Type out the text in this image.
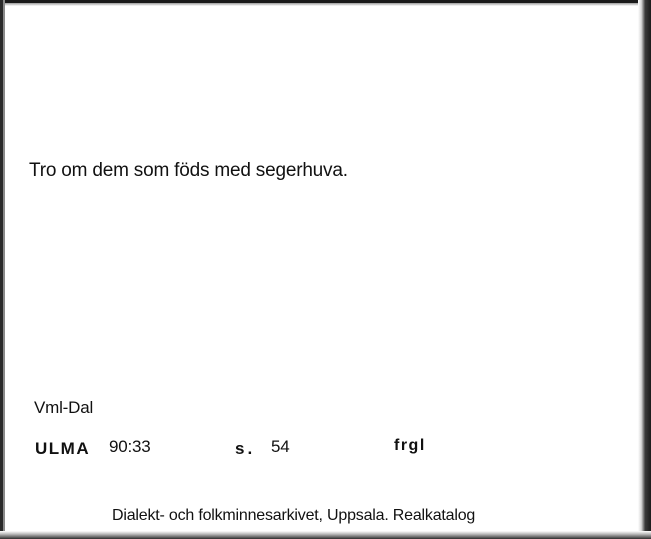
Tro om dem som föds med segerhuva.
Vml-Dal
ULMA 90:33	s. 54	frgl
Dialekt- och folkminnesarkivet, Uppsala. Realkatalog
